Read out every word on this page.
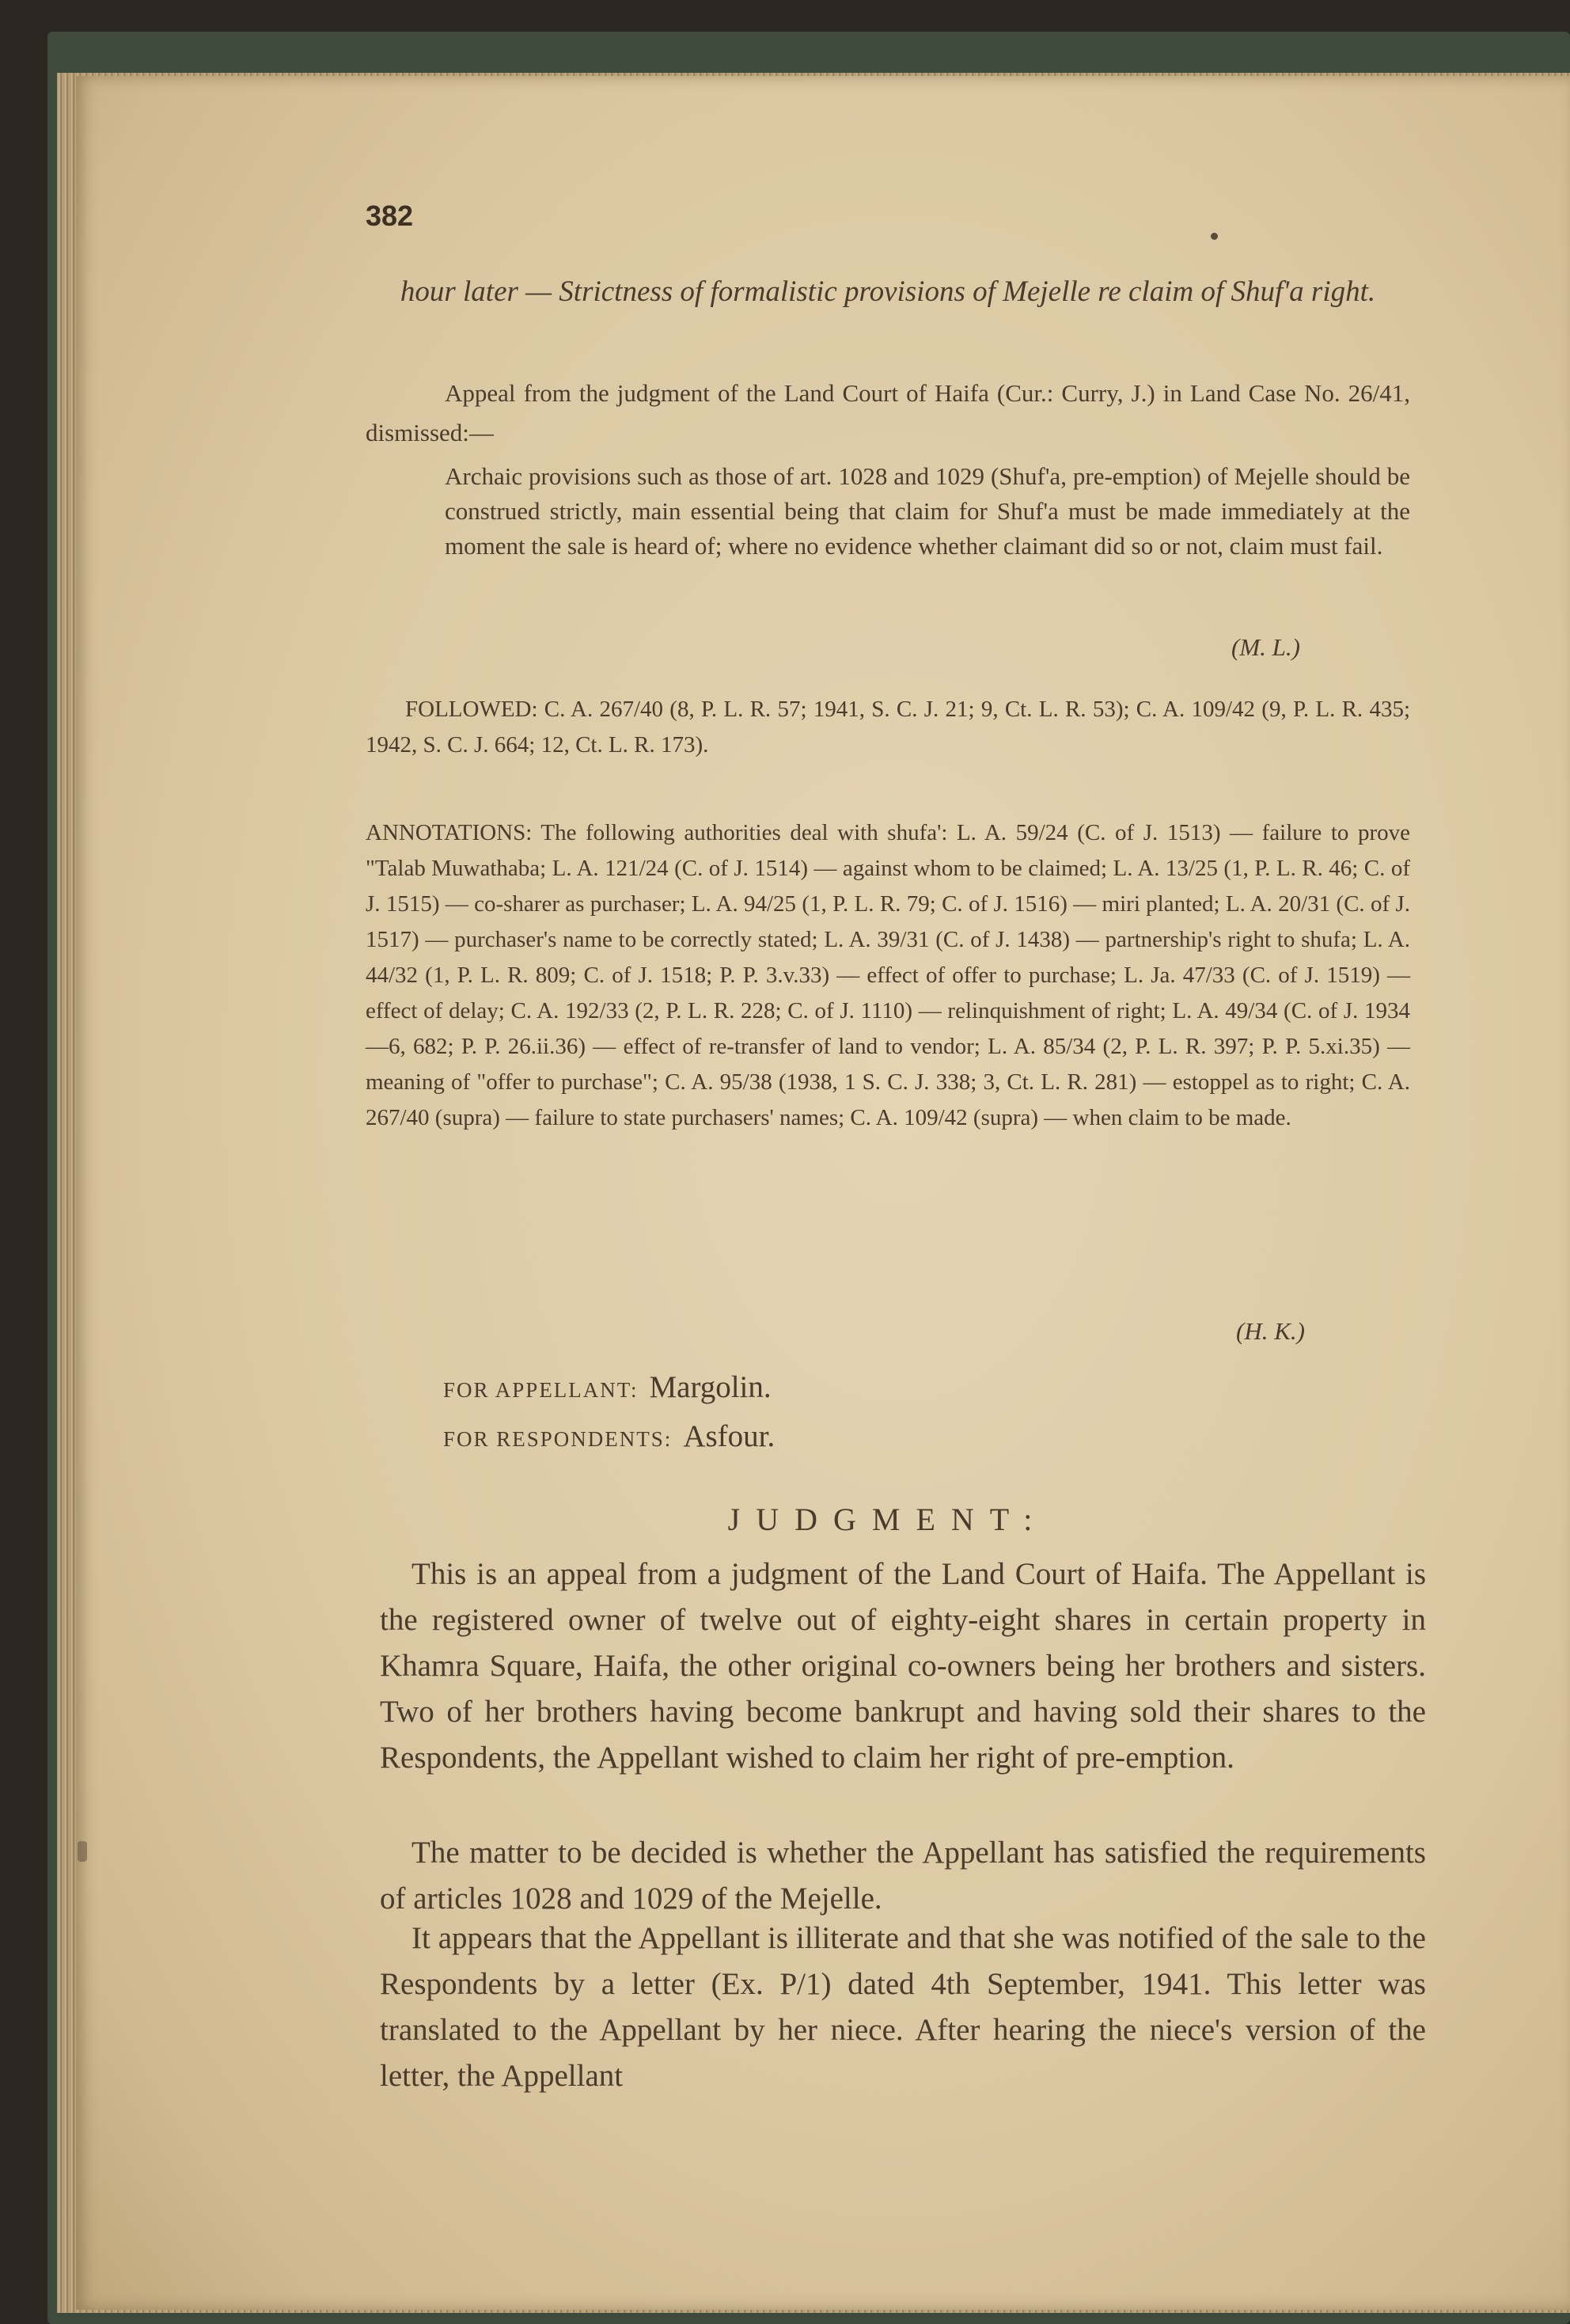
382

hour later — Strictness of formalistic provisions of Mejelle re claim of Shuf'a right.

Appeal from the judgment of the Land Court of Haifa (Cur.: Curry, J.) in Land Case No. 26/41, dismissed:—

Archaic provisions such as those of art. 1028 and 1029 (Shuf'a, pre-emption) of Mejelle should be construed strictly, main essential being that claim for Shuf'a must be made immediately at the moment the sale is heard of; where no evidence whether claimant did so or not, claim must fail.

(M. L.)

FOLLOWED: C. A. 267/40 (8, P. L. R. 57; 1941, S. C. J. 21; 9, Ct. L. R. 53); C. A. 109/42 (9, P. L. R. 435; 1942, S. C. J. 664; 12, Ct. L. R. 173).

ANNOTATIONS: The following authorities deal with shufa': L. A. 59/24 (C. of J. 1513) — failure to prove "Talab Muwathaba; L. A. 121/24 (C. of J. 1514) — against whom to be claimed; L. A. 13/25 (1, P. L. R. 46; C. of J. 1515) — co-sharer as purchaser; L. A. 94/25 (1, P. L. R. 79; C. of J. 1516) — miri planted; L. A. 20/31 (C. of J. 1517) — purchaser's name to be correctly stated; L. A. 39/31 (C. of J. 1438) — partnership's right to shufa; L. A. 44/32 (1, P. L. R. 809; C. of J. 1518; P. P. 3.v.33) — effect of offer to purchase; L. Ja. 47/33 (C. of J. 1519) — effect of delay; C. A. 192/33 (2, P. L. R. 228; C. of J. 1110) — relinquishment of right; L. A. 49/34 (C. of J. 1934—6, 682; P. P. 26.ii.36) — effect of re-transfer of land to vendor; L. A. 85/34 (2, P. L. R. 397; P. P. 5.xi.35) — meaning of "offer to purchase"; C. A. 95/38 (1938, 1 S. C. J. 338; 3, Ct. L. R. 281) — estoppel as to right; C. A. 267/40 (supra) — failure to state purchasers' names; C. A. 109/42 (supra) — when claim to be made.

(H. K.)
FOR APPELLANT: Margolin.
FOR RESPONDENTS: Asfour.
JUDGMENT:

This is an appeal from a judgment of the Land Court of Haifa. The Appellant is the registered owner of twelve out of eighty-eight shares in certain property in Khamra Square, Haifa, the other original co-owners being her brothers and sisters. Two of her brothers having become bankrupt and having sold their shares to the Respondents, the Appellant wished to claim her right of pre-emption.

The matter to be decided is whether the Appellant has satisfied the requirements of articles 1028 and 1029 of the Mejelle.

It appears that the Appellant is illiterate and that she was notified of the sale to the Respondents by a letter (Ex. P/1) dated 4th September, 1941. This letter was translated to the Appellant by her niece. After hearing the niece's version of the letter, the Appellant
